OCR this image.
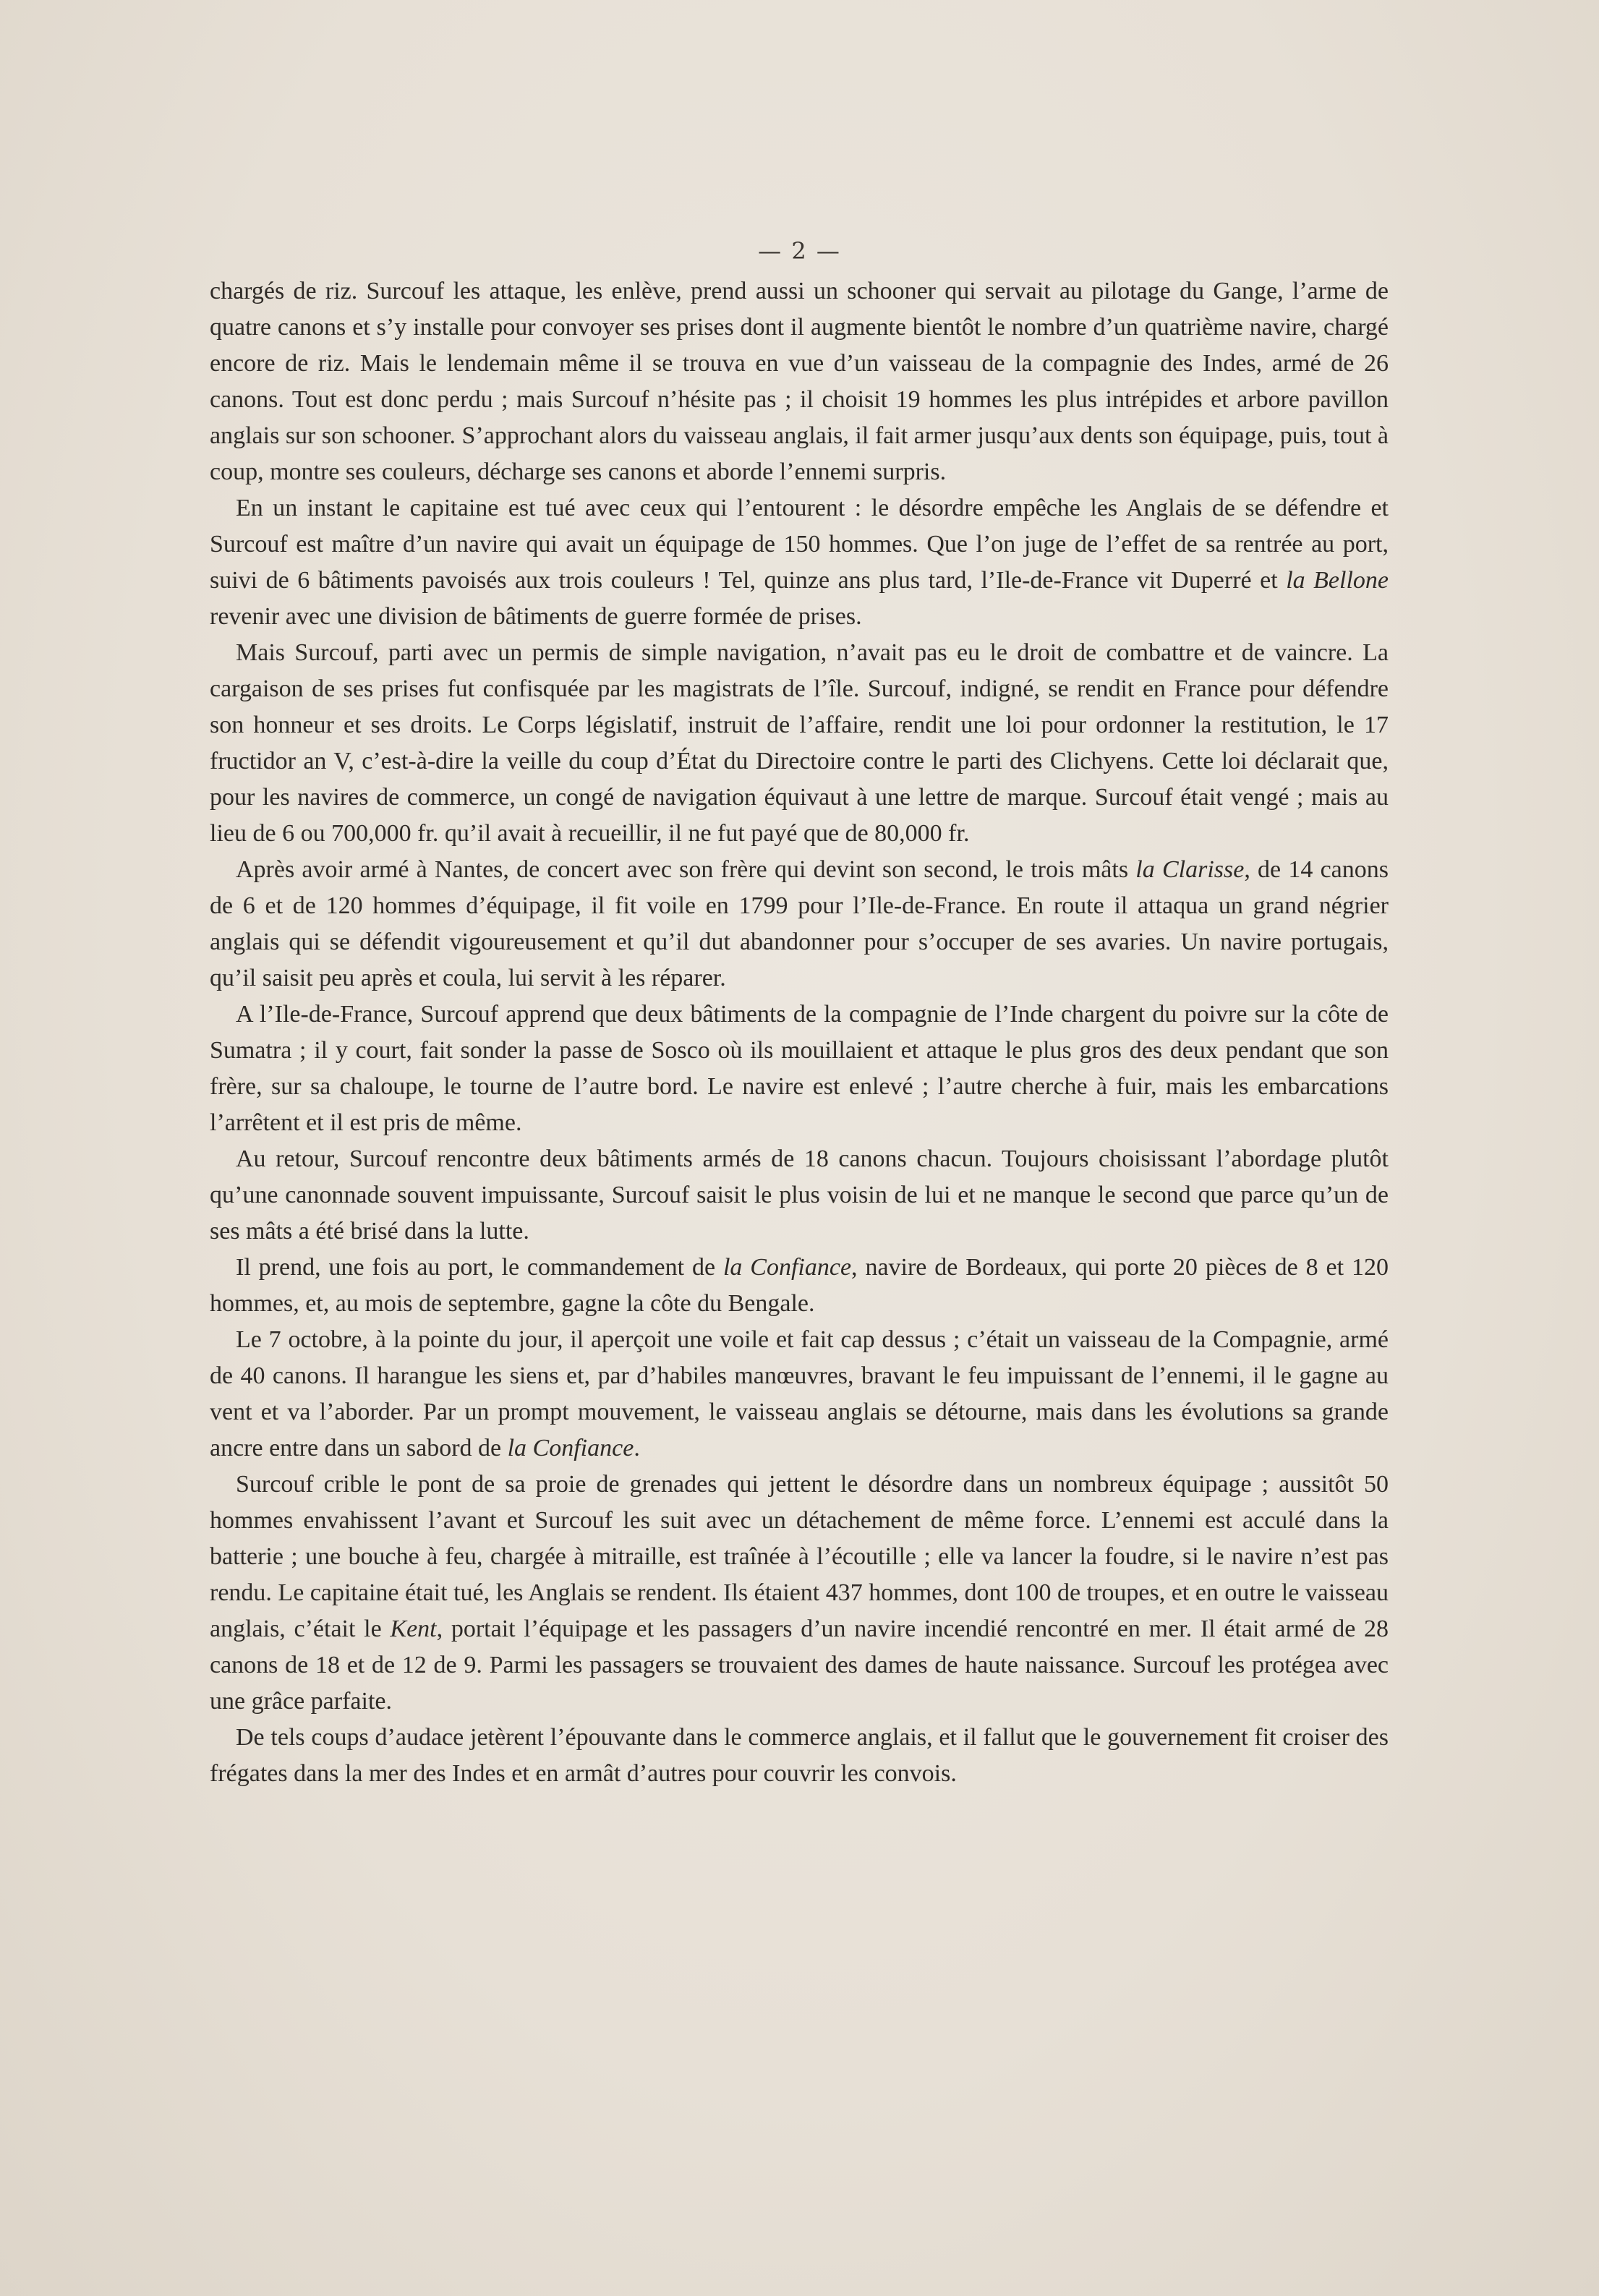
— 2 —

chargés de riz. Surcouf les attaque, les enlève, prend aussi un schooner qui servait au pilotage du Gange, l’arme de quatre canons et s’y installe pour convoyer ses prises dont il augmente bientôt le nombre d’un quatrième navire, chargé encore de riz. Mais le lendemain même il se trouva en vue d’un vaisseau de la compagnie des Indes, armé de 26 canons. Tout est donc perdu ; mais Surcouf n’hésite pas ; il choisit 19 hommes les plus intrépides et arbore pavillon anglais sur son schooner. S’approchant alors du vaisseau anglais, il fait armer jusqu’aux dents son équipage, puis, tout à coup, montre ses couleurs, décharge ses canons et aborde l’ennemi surpris.

En un instant le capitaine est tué avec ceux qui l’entourent : le désordre empêche les Anglais de se défendre et Surcouf est maître d’un navire qui avait un équipage de 150 hommes. Que l’on juge de l’effet de sa rentrée au port, suivi de 6 bâtiments pavoisés aux trois couleurs ! Tel, quinze ans plus tard, l’Ile-de-France vit Duperré et la Bellone revenir avec une division de bâtiments de guerre formée de prises.

Mais Surcouf, parti avec un permis de simple navigation, n’avait pas eu le droit de combattre et de vaincre. La cargaison de ses prises fut confisquée par les magistrats de l’île. Surcouf, indigné, se rendit en France pour défendre son honneur et ses droits. Le Corps législatif, instruit de l’affaire, rendit une loi pour ordonner la restitution, le 17 fructidor an V, c’est-à-dire la veille du coup d’État du Directoire contre le parti des Clichyens. Cette loi déclarait que, pour les navires de commerce, un congé de navigation équivaut à une lettre de marque. Surcouf était vengé ; mais au lieu de 6 ou 700,000 fr. qu’il avait à recueillir, il ne fut payé que de 80,000 fr.

Après avoir armé à Nantes, de concert avec son frère qui devint son second, le trois mâts la Clarisse, de 14 canons de 6 et de 120 hommes d’équipage, il fit voile en 1799 pour l’Ile-de-France. En route il attaqua un grand négrier anglais qui se défendit vigoureusement et qu’il dut abandonner pour s’occuper de ses avaries. Un navire portugais, qu’il saisit peu après et coula, lui servit à les réparer.

A l’Ile-de-France, Surcouf apprend que deux bâtiments de la compagnie de l’Inde chargent du poivre sur la côte de Sumatra ; il y court, fait sonder la passe de Sosco où ils mouillaient et attaque le plus gros des deux pendant que son frère, sur sa chaloupe, le tourne de l’autre bord. Le navire est enlevé ; l’autre cherche à fuir, mais les embarcations l’arrêtent et il est pris de même.

Au retour, Surcouf rencontre deux bâtiments armés de 18 canons chacun. Toujours choisissant l’abordage plutôt qu’une canonnade souvent impuissante, Surcouf saisit le plus voisin de lui et ne manque le second que parce qu’un de ses mâts a été brisé dans la lutte.

Il prend, une fois au port, le commandement de la Confiance, navire de Bordeaux, qui porte 20 pièces de 8 et 120 hommes, et, au mois de septembre, gagne la côte du Bengale.

Le 7 octobre, à la pointe du jour, il aperçoit une voile et fait cap dessus ; c’était un vaisseau de la Compagnie, armé de 40 canons. Il harangue les siens et, par d’habiles manœuvres, bravant le feu impuissant de l’ennemi, il le gagne au vent et va l’aborder. Par un prompt mouvement, le vaisseau anglais se détourne, mais dans les évolutions sa grande ancre entre dans un sabord de la Confiance.

Surcouf crible le pont de sa proie de grenades qui jettent le désordre dans un nombreux équipage ; aussitôt 50 hommes envahissent l’avant et Surcouf les suit avec un détachement de même force. L’ennemi est acculé dans la batterie ; une bouche à feu, chargée à mitraille, est traînée à l’écoutille ; elle va lancer la foudre, si le navire n’est pas rendu. Le capitaine était tué, les Anglais se rendent. Ils étaient 437 hommes, dont 100 de troupes, et en outre le vaisseau anglais, c’était le Kent, portait l’équipage et les passagers d’un navire incendié rencontré en mer. Il était armé de 28 canons de 18 et de 12 de 9. Parmi les passagers se trouvaient des dames de haute naissance. Surcouf les protégea avec une grâce parfaite.

De tels coups d’audace jetèrent l’épouvante dans le commerce anglais, et il fallut que le gouvernement fit croiser des frégates dans la mer des Indes et en armât d’autres pour couvrir les convois.
